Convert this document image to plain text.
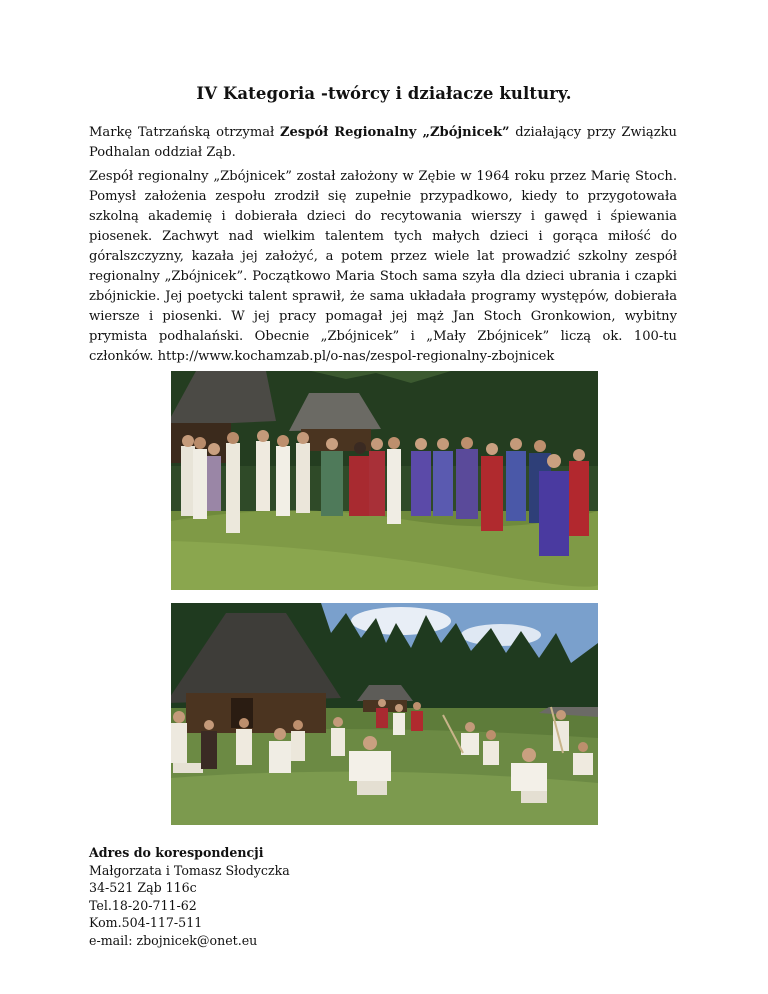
IV Kategoria -twórcy i działacze kultury.

Markę Tatrzańską otrzymał Zespół Regionalny „Zbójnicek” działający przy Związku Podhalan oddział Ząb.

Zespół regionalny „Zbójnicek” został założony w Zębie w 1964 roku przez Marię Stoch. Pomysł założenia zespołu zrodził się zupełnie przypadkowo, kiedy to przygotowała szkolną akademię i dobierała dzieci do recytowania wierszy i gawęd i śpiewania piosenek. Zachwyt nad wielkim talentem tych małych dzieci i gorąca miłość do góralszczyzny, kazała jej założyć, a potem przez wiele lat prowadzić szkolny zespół regionalny „Zbójnicek”. Początkowo Maria Stoch sama szyła dla dzieci ubrania i czapki zbójnickie. Jej poetycki talent sprawił, że sama układała programy występów, dobierała wiersze i piosenki. W jej pracy pomagał jej mąż Jan Stoch Gronkowion, wybitny prymista podhalański. Obecnie „Zbójnicek” i „Mały Zbójnicek” liczą ok. 100-tu członków. http://www.kochamzab.pl/o-nas/zespol-regionalny-zbojnicek

Adres do korespondencji
Małgorzata i Tomasz Słodyczka
34-521 Ząb 116c
Tel.18-20-711-62
Kom.504-117-511
e-mail: zbojnicek@onet.eu
